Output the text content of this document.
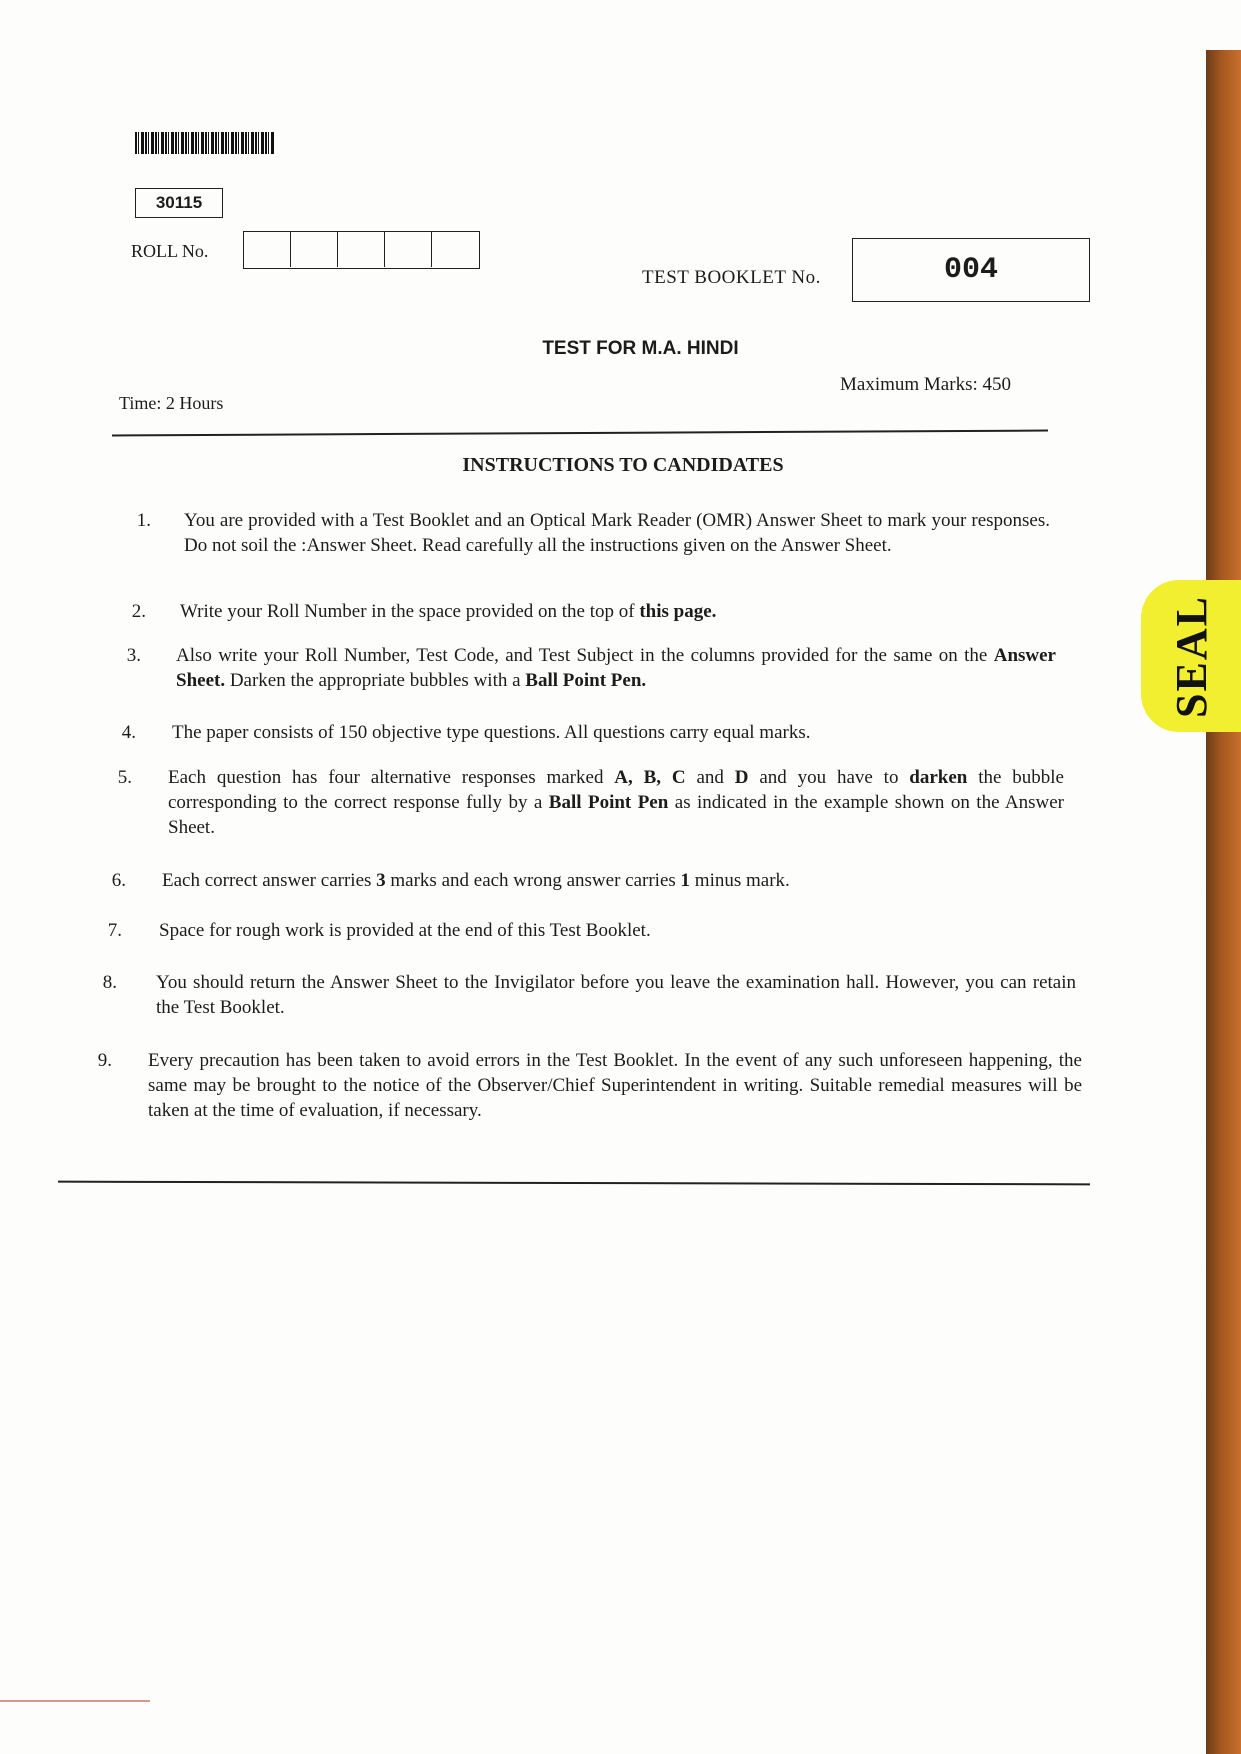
30115
ROLL No.
TEST BOOKLET No.	004
TEST FOR M.A. HINDI
Time: 2 Hours
Maximum Marks: 450
INSTRUCTIONS TO CANDIDATES
1. You are provided with a Test Booklet and an Optical Mark Reader (OMR) Answer Sheet to mark your responses. Do not soil the :Answer Sheet. Read carefully all the instructions given on the Answer Sheet.
2. Write your Roll Number in the space provided on the top of this page.
3. Also write your Roll Number, Test Code, and Test Subject in the columns provided for the same on the Answer Sheet. Darken the appropriate bubbles with a Ball Point Pen.
4. The paper consists of 150 objective type questions. All questions carry equal marks.
5. Each question has four alternative responses marked A, B, C and D and you have to darken the bubble corresponding to the correct response fully by a Ball Point Pen as indicated in the example shown on the Answer Sheet.
6. Each correct answer carries 3 marks and each wrong answer carries 1 minus mark.
7. Space for rough work is provided at the end of this Test Booklet.
8. You should return the Answer Sheet to the Invigilator before you leave the examination hall. However, you can retain the Test Booklet.
9. Every precaution has been taken to avoid errors in the Test Booklet. In the event of any such unforeseen happening, the same may be brought to the notice of the Observer/Chief Superintendent in writing. Suitable remedial measures will be taken at the time of evaluation, if necessary.
SEAL
